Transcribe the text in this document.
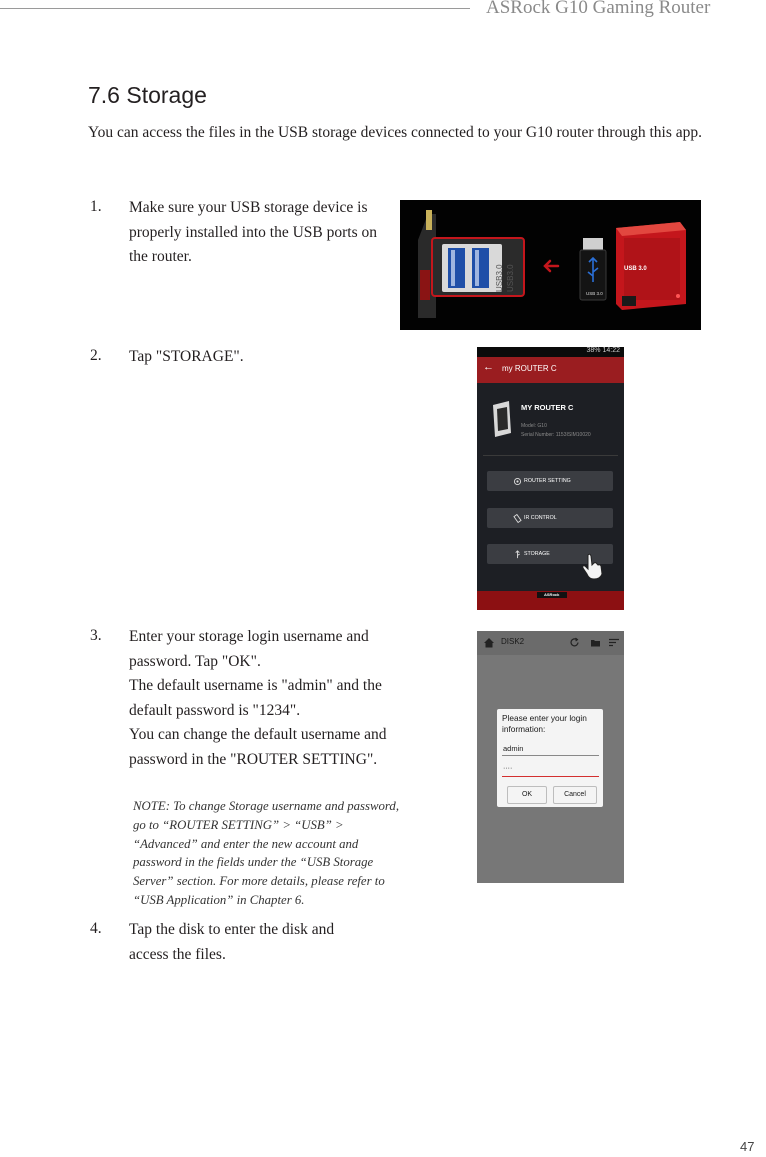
ASRock G10 Gaming Router
7.6 Storage
You can access the files in the USB storage devices connected to your G10 router through this app.
1. Make sure your USB storage device is properly installed into the USB ports on the router.
USB3.0 USB3.0
USB 3.0
USB 3.0
2. Tap "STORAGE".	38% 14:22
← my ROUTER C
MY ROUTER C
Model: G10
Serial Number: 1153ISIM10020
ROUTER SETTING
IR CONTROL
STORAGE
ASRock
3. Enter your storage login username and password. Tap "OK".
The default username is "admin" and the default password is "1234".
You can change the default username and password in the "ROUTER SETTING".
NOTE: To change Storage username and password, go to “ROUTER SETTING” > “USB” > “Advanced” and enter the new account and password in the fields under the “USB Storage Server” section. For more details, please refer to “USB Application” in Chapter 6.
DISK2
Please enter your login information:
admin
····
OK	Cancel
4. Tap the disk to enter the disk and access the files.
47
